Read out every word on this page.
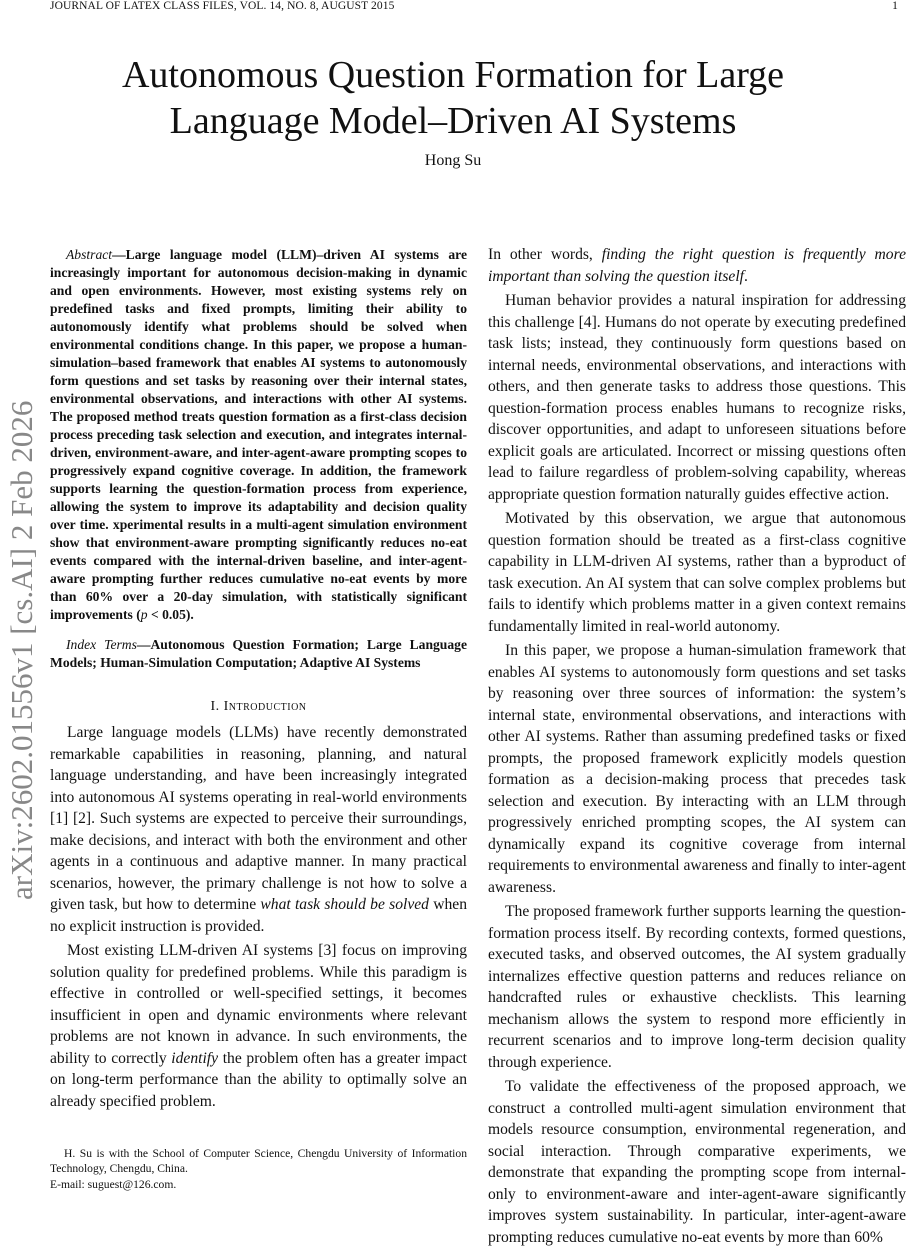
JOURNAL OF LATEX CLASS FILES, VOL. 14, NO. 8, AUGUST 2015	1
Autonomous Question Formation for Large
Language Model–Driven AI Systems
Hong Su
arXiv:2602.01556v1 [cs.AI] 2 Feb 2026

Abstract—Large language model (LLM)–driven AI systems are increasingly important for autonomous decision-making in dynamic and open environments. However, most existing systems rely on predefined tasks and fixed prompts, limiting their ability to autonomously identify what problems should be solved when environmental conditions change. In this paper, we propose a human-simulation–based framework that enables AI systems to autonomously form questions and set tasks by reasoning over their internal states, environmental observations, and interactions with other AI systems. The proposed method treats question formation as a first-class decision process preceding task selection and execution, and integrates internal-driven, environment-aware, and inter-agent-aware prompting scopes to progressively expand cognitive coverage. In addition, the framework supports learning the question-formation process from experience, allowing the system to improve its adaptability and decision quality over time. xperimental results in a multi-agent simulation environment show that environment-aware prompting significantly reduces no-eat events compared with the internal-driven baseline, and inter-agent-aware prompting further reduces cumulative no-eat events by more than 60% over a 20-day simulation, with statistically significant improvements (p < 0.05).

Index Terms—Autonomous Question Formation; Large Language Models; Human-Simulation Computation; Adaptive AI Systems

I. Introduction

Large language models (LLMs) have recently demonstrated remarkable capabilities in reasoning, planning, and natural language understanding, and have been increasingly integrated into autonomous AI systems operating in real-world environments [1] [2]. Such systems are expected to perceive their surroundings, make decisions, and interact with both the environment and other agents in a continuous and adaptive manner. In many practical scenarios, however, the primary challenge is not how to solve a given task, but how to determine what task should be solved when no explicit instruction is provided.

Most existing LLM-driven AI systems [3] focus on improving solution quality for predefined problems. While this paradigm is effective in controlled or well-specified settings, it becomes insufficient in open and dynamic environments where relevant problems are not known in advance. In such environments, the ability to correctly identify the problem often has a greater impact on long-term performance than the ability to optimally solve an already specified problem.

H. Su is with the School of Computer Science, Chengdu University of Information Technology, Chengdu, China.

E-mail: suguest@126.com.

In other words, finding the right question is frequently more important than solving the question itself.

Human behavior provides a natural inspiration for addressing this challenge [4]. Humans do not operate by executing predefined task lists; instead, they continuously form questions based on internal needs, environmental observations, and interactions with others, and then generate tasks to address those questions. This question-formation process enables humans to recognize risks, discover opportunities, and adapt to unforeseen situations before explicit goals are articulated. Incorrect or missing questions often lead to failure regardless of problem-solving capability, whereas appropriate question formation naturally guides effective action.

Motivated by this observation, we argue that autonomous question formation should be treated as a first-class cognitive capability in LLM-driven AI systems, rather than a byproduct of task execution. An AI system that can solve complex problems but fails to identify which problems matter in a given context remains fundamentally limited in real-world autonomy.

In this paper, we propose a human-simulation framework that enables AI systems to autonomously form questions and set tasks by reasoning over three sources of information: the system’s internal state, environmental observations, and interactions with other AI systems. Rather than assuming predefined tasks or fixed prompts, the proposed framework explicitly models question formation as a decision-making process that precedes task selection and execution. By interacting with an LLM through progressively enriched prompting scopes, the AI system can dynamically expand its cognitive coverage from internal requirements to environmental awareness and finally to inter-agent awareness.

The proposed framework further supports learning the question-formation process itself. By recording contexts, formed questions, executed tasks, and observed outcomes, the AI system gradually internalizes effective question patterns and reduces reliance on handcrafted rules or exhaustive checklists. This learning mechanism allows the system to respond more efficiently in recurrent scenarios and to improve long-term decision quality through experience.

To validate the effectiveness of the proposed approach, we construct a controlled multi-agent simulation environment that models resource consumption, environmental regeneration, and social interaction. Through comparative experiments, we demonstrate that expanding the prompting scope from internal-only to environment-aware and inter-agent-aware significantly improves system sustainability. In particular, inter-agent-aware prompting reduces cumulative no-eat events by more than 60%
